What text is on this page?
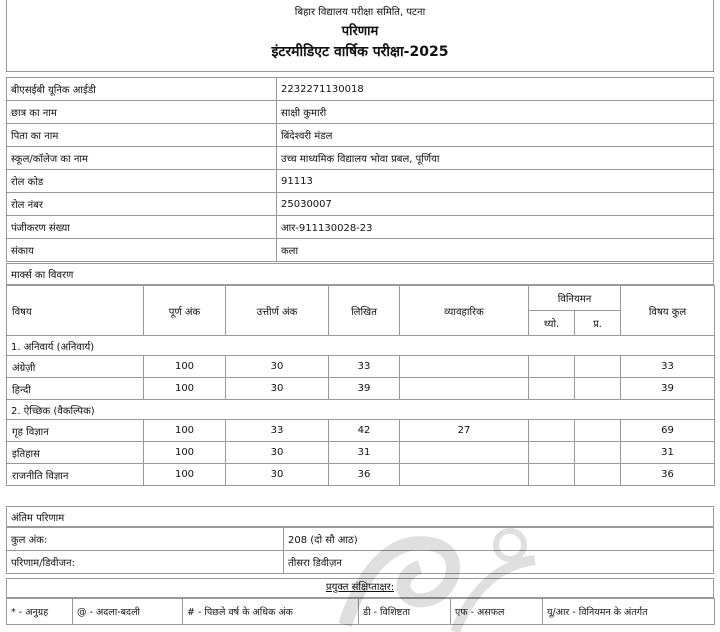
बिहार विद्यालय परीक्षा समिति, पटना
परिणाम
इंटरमीडिएट वार्षिक परीक्षा-2025
बीएसईबी यूनिक आईडी	2232271130018
छात्र का नाम	साक्षी कुमारी
पिता का नाम	बिंदेश्वरी मंडल
स्कूल/कॉलेज का नाम	उच्च माध्यमिक विद्यालय भोवा प्रबल, पूर्णिया
रोल कोड	91113
रोल नंबर	25030007
पंजीकरण संख्या	आर-911130028-23
संकाय	कला
मार्क्स का विवरण
विषय	पूर्ण अंक	उत्तीर्ण अंक	लिखित	व्यावहारिक	विनियमन		विषय कुल
					थ्यो.	प्र.	
1. अनिवार्य (अनिवार्य)							
अंग्रेज़ी	100	30	33				33
हिन्दी	100	30	39				39
2. ऐच्छिक (वैकल्पिक)							
गृह विज्ञान	100	33	42	27			69
इतिहास	100	30	31				31
राजनीति विज्ञान	100	30	36				36
अंतिम परिणाम
कुल अंक:	208 (दो सौ आठ)
परिणाम/डिवीजन:	तीसरा डिवीज़न
प्रयुक्त संक्षिप्ताक्षर:
* - अनुग्रह	@ - अदला-बदली	# - पिछले वर्ष के अधिक अंक	डी - विशिष्टता	एफ - असफल	यू/आर - विनियमन के अंतर्गत
